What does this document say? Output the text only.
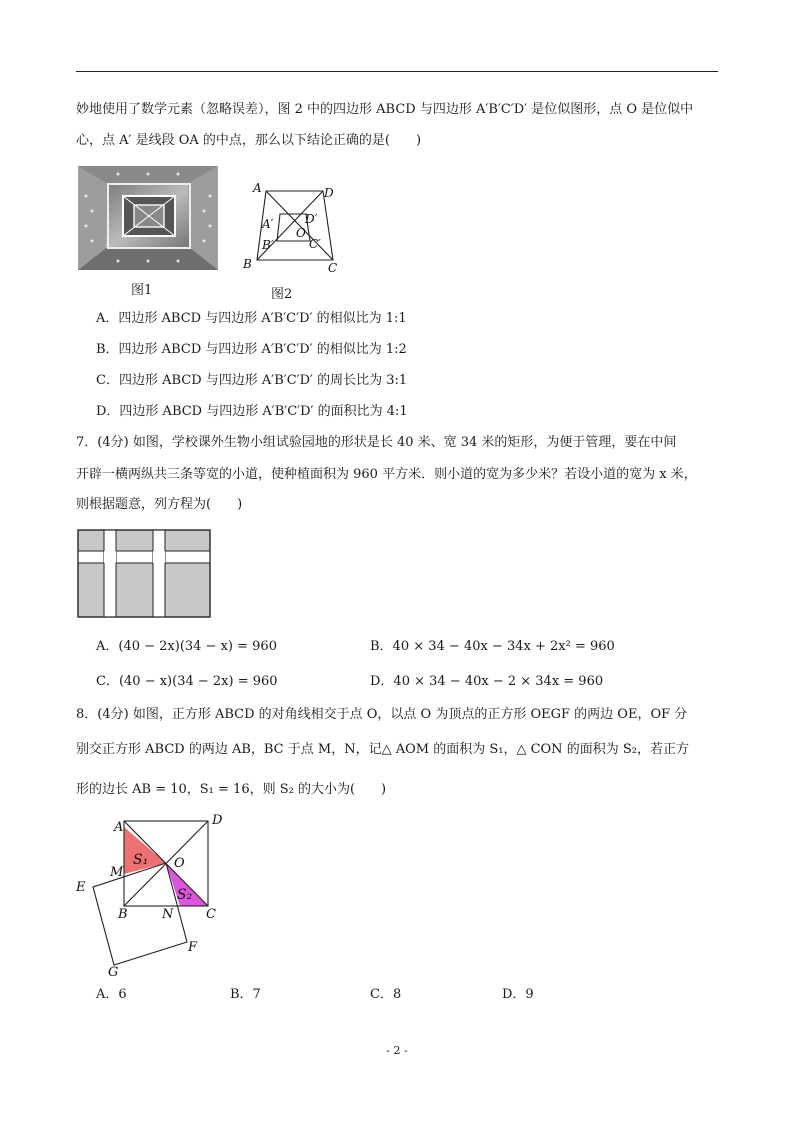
妙地使用了数学元素（忽略误差），图 2 中的四边形 ABCD 与四边形 A′B′C′D′ 是位似图形，点 O 是位似中
心，点 A′ 是线段 OA 的中点，那么以下结论正确的是(　　)
图1
A	D
A′	D′
O
B′	C′
B	C
图2
A．四边形 ABCD 与四边形 A′B′C′D′ 的相似比为 1:1
B．四边形 ABCD 与四边形 A′B′C′D′ 的相似比为 1:2
C．四边形 ABCD 与四边形 A′B′C′D′ 的周长比为 3:1
D．四边形 ABCD 与四边形 A′B′C′D′ 的面积比为 4:1
7．(4分) 如图，学校课外生物小组试验园地的形状是长 40 米、宽 34 米的矩形，为便于管理，要在中间
开辟一横两纵共三条等宽的小道，使种植面积为 960 平方米．则小道的宽为多少米？若设小道的宽为 x 米，
则根据题意，列方程为(　　)
A．(40 − 2x)(34 − x) = 960	B．40 × 34 − 40x − 34x + 2x² = 960
C．(40 − x)(34 − 2x) = 960	D．40 × 34 − 40x − 2 × 34x = 960
8．(4分) 如图，正方形 ABCD 的对角线相交于点 O，以点 O 为顶点的正方形 OEGF 的两边 OE，OF 分
别交正方形 ABCD 的两边 AB，BC 于点 M，N，记△ AOM 的面积为 S₁，△ CON 的面积为 S₂，若正方
形的边长 AB = 10，S₁ = 16，则 S₂ 的大小为(　　)
A	D
M
O
S₁
S₂
E
B	N	C
F
G
A．6	B．7	C．8	D．9
- 2 -
